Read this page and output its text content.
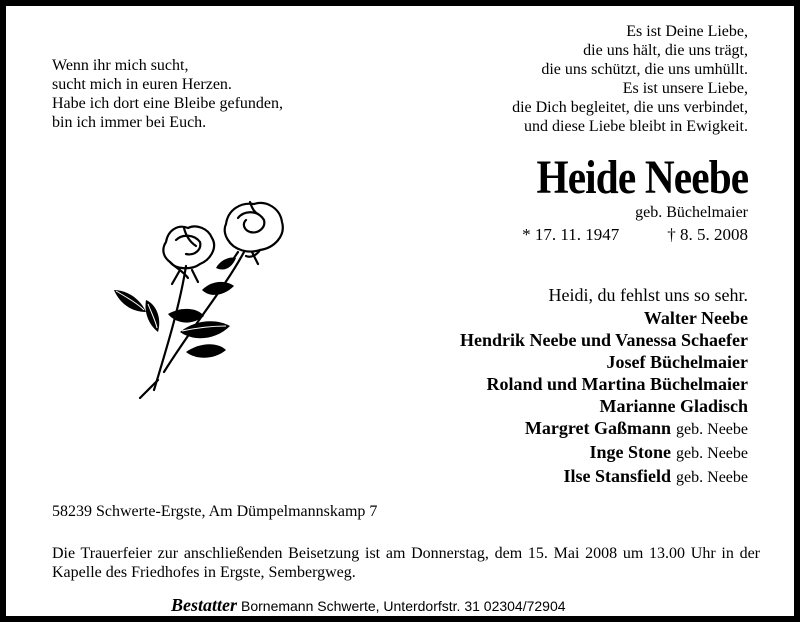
Wenn ihr mich sucht,
sucht mich in euren Herzen.
Habe ich dort eine Bleibe gefunden,
bin ich immer bei Euch.
Es ist Deine Liebe,
die uns hält, die uns trägt,
die uns schützt, die uns umhüllt.
Es ist unsere Liebe,
die Dich begleitet, die uns verbindet,
und diese Liebe bleibt in Ewigkeit.
Heide Neebe
geb. Büchelmaier
* 17. 11. 1947	† 8. 5. 2008
Heidi, du fehlst uns so sehr.
Walter Neebe
Hendrik Neebe und Vanessa Schaefer
Josef Büchelmaier
Roland und Martina Büchelmaier
Marianne Gladisch
Margret Gaßmann geb. Neebe
Inge Stone geb. Neebe
Ilse Stansfield geb. Neebe
58239 Schwerte-Ergste, Am Dümpelmannskamp 7
Die Trauerfeier zur anschließenden Beisetzung ist am Donnerstag, dem 15. Mai 2008 um 13.00 Uhr in der Kapelle des Friedhofes in Ergste, Sembergweg.
Bestatter Bornemann Schwerte, Unterdorfstr. 31 02304/72904
